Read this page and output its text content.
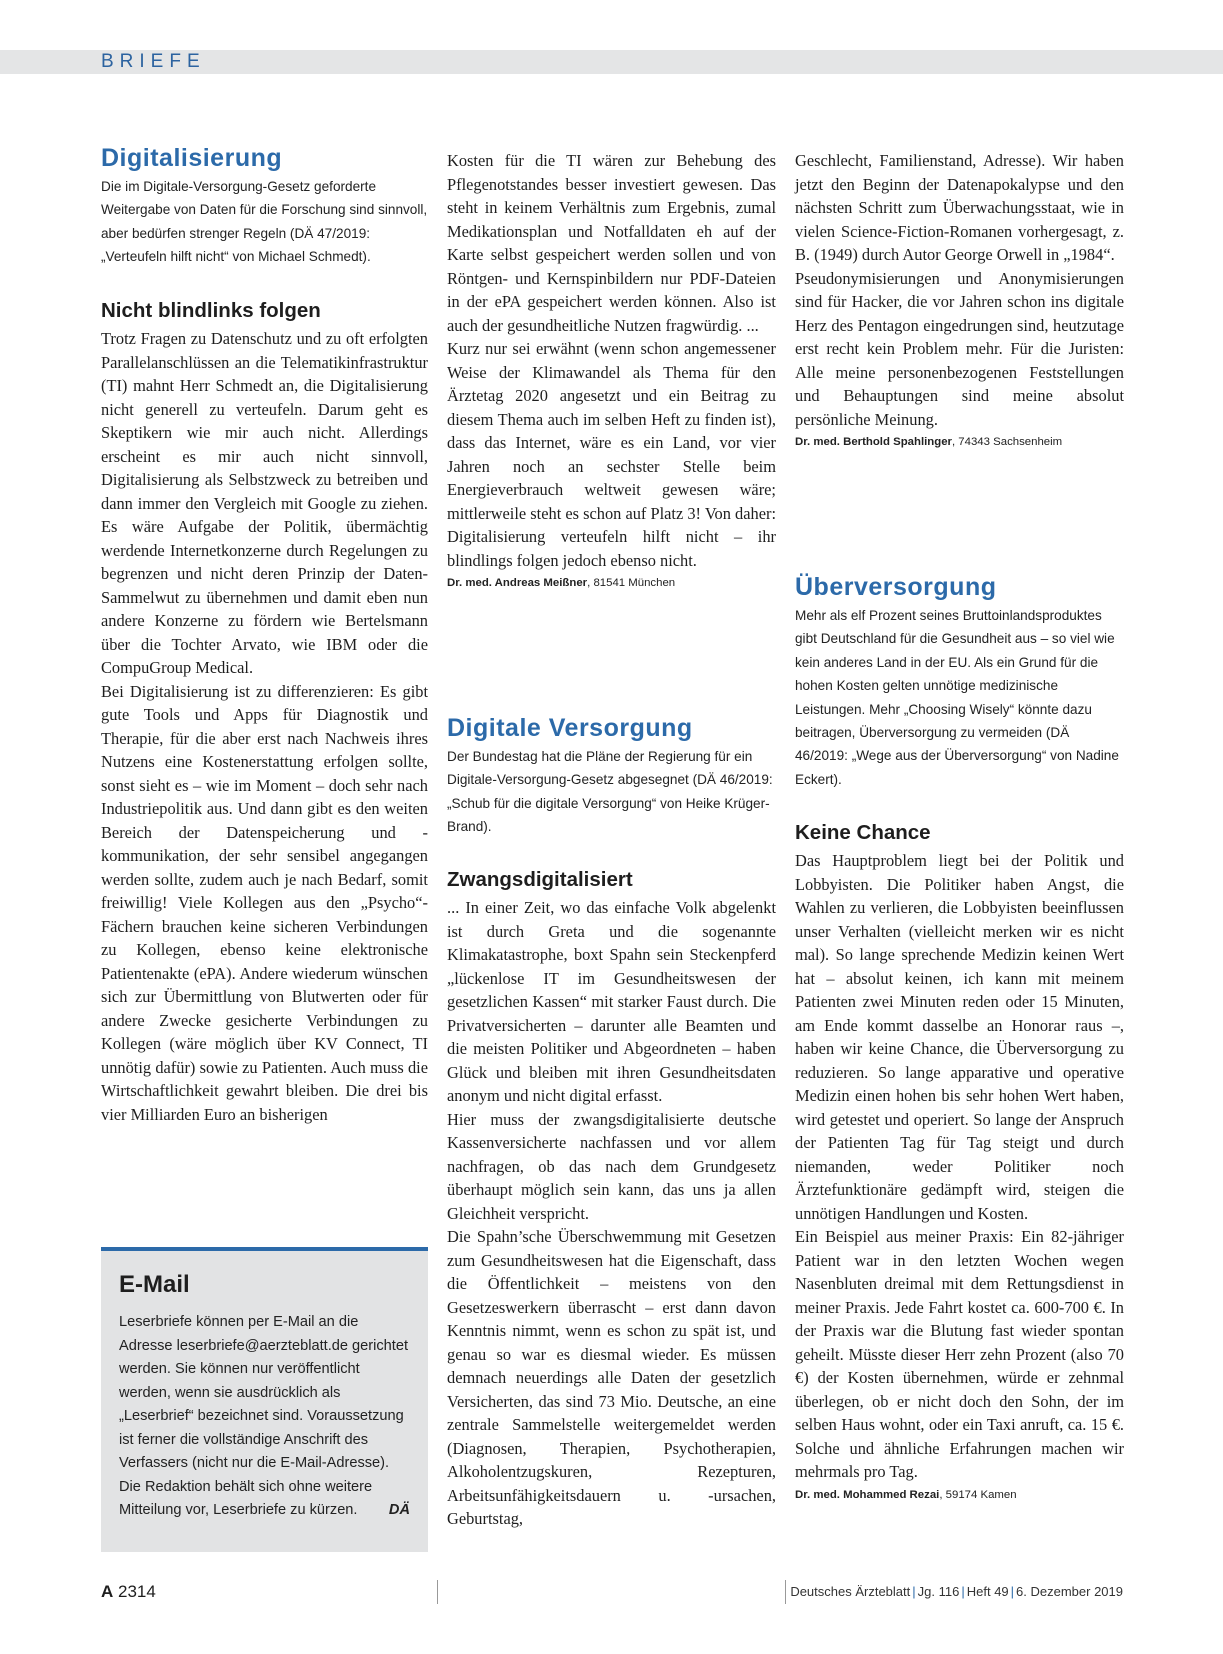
BRIEFE
Digitalisierung

Die im Digitale-Versorgung-Gesetz geforderte Weitergabe von Daten für die Forschung sind sinnvoll, aber bedürfen strenger Regeln (DÄ 47/2019: „Verteufeln hilft nicht“ von Michael Schmedt).

Nicht blindlinks folgen

Trotz Fragen zu Datenschutz und zu oft erfolgten Parallelanschlüssen an die Telematikinfrastruktur (TI) mahnt Herr Schmedt an, die Digitalisierung nicht generell zu verteufeln. Darum geht es Skeptikern wie mir auch nicht. Allerdings erscheint es mir auch nicht sinnvoll, Digitalisierung als Selbstzweck zu betreiben und dann immer den Vergleich mit Google zu ziehen. Es wäre Aufgabe der Politik, übermächtig werdende Internetkonzerne durch Regelungen zu begrenzen und nicht deren Prinzip der Daten-Sammelwut zu übernehmen und damit eben nun andere Konzerne zu fördern wie Bertelsmann über die Tochter Arvato, wie IBM oder die CompuGroup Medical.

Bei Digitalisierung ist zu differenzieren: Es gibt gute Tools und Apps für Diagnostik und Therapie, für die aber erst nach Nachweis ihres Nutzens eine Kostenerstattung erfolgen sollte, sonst sieht es – wie im Moment – doch sehr nach Industriepolitik aus. Und dann gibt es den weiten Bereich der Datenspeicherung und -kommunikation, der sehr sensibel angegangen werden sollte, zudem auch je nach Bedarf, somit freiwillig! Viele Kollegen aus den „Psycho“-Fächern brauchen keine sicheren Verbindungen zu Kollegen, ebenso keine elektronische Patientenakte (ePA). Andere wiederum wünschen sich zur Übermittlung von Blutwerten oder für andere Zwecke gesicherte Verbindungen zu Kollegen (wäre möglich über KV Connect, TI unnötig dafür) sowie zu Patienten. Auch muss die Wirtschaftlichkeit gewahrt bleiben. Die drei bis vier Milliarden Euro an bisherigen

E-Mail

Leserbriefe können per E-Mail an die Adresse leserbriefe@aerzteblatt.de gerichtet werden. Sie können nur veröffentlicht werden, wenn sie ausdrücklich als „Leserbrief“ bezeichnet sind. Voraussetzung ist ferner die vollständige Anschrift des Verfassers (nicht nur die E-Mail-Adresse). Die Redaktion behält sich ohne weitere Mitteilung vor, Leserbriefe zu kürzen. DÄ

Kosten für die TI wären zur Behebung des Pflegenotstandes besser investiert gewesen. Das steht in keinem Verhältnis zum Ergebnis, zumal Medikationsplan und Notfalldaten eh auf der Karte selbst gespeichert werden sollen und von Röntgen- und Kernspinbildern nur PDF-Dateien in der ePA gespeichert werden können. Also ist auch der gesundheitliche Nutzen fragwürdig. ...

Kurz nur sei erwähnt (wenn schon angemessener Weise der Klimawandel als Thema für den Ärztetag 2020 angesetzt und ein Beitrag zu diesem Thema auch im selben Heft zu finden ist), dass das Internet, wäre es ein Land, vor vier Jahren noch an sechster Stelle beim Energieverbrauch weltweit gewesen wäre; mittlerweile steht es schon auf Platz 3! Von daher: Digitalisierung verteufeln hilft nicht – ihr blindlings folgen jedoch ebenso nicht.

Dr. med. Andreas Meißner, 81541 München
Digitale Versorgung

Der Bundestag hat die Pläne der Regierung für ein Digitale-Versorgung-Gesetz abgesegnet (DÄ 46/2019: „Schub für die digitale Versorgung“ von Heike Krüger-Brand).

Zwangsdigitalisiert

... In einer Zeit, wo das einfache Volk abgelenkt ist durch Greta und die sogenannte Klimakatastrophe, boxt Spahn sein Steckenpferd „lückenlose IT im Gesundheitswesen der gesetzlichen Kassen“ mit starker Faust durch. Die Privatversicherten – darunter alle Beamten und die meisten Politiker und Abgeordneten – haben Glück und bleiben mit ihren Gesundheitsdaten anonym und nicht digital erfasst.

Hier muss der zwangsdigitalisierte deutsche Kassenversicherte nachfassen und vor allem nachfragen, ob das nach dem Grundgesetz überhaupt möglich sein kann, das uns ja allen Gleichheit verspricht.

Die Spahn’sche Überschwemmung mit Gesetzen zum Gesundheitswesen hat die Eigenschaft, dass die Öffentlichkeit – meistens von den Gesetzeswerkern überrascht – erst dann davon Kenntnis nimmt, wenn es schon zu spät ist, und genau so war es diesmal wieder. Es müssen demnach neuerdings alle Daten der gesetzlich Versicherten, das sind 73 Mio. Deutsche, an eine zentrale Sammelstelle weitergemeldet werden (Diagnosen, Therapien, Psychotherapien, Alkoholentzugskuren, Rezepturen, Arbeitsunfähigkeitsdauern u. -ursachen, Geburtstag,

Geschlecht, Familienstand, Adresse). Wir haben jetzt den Beginn der Datenapokalypse und den nächsten Schritt zum Überwachungsstaat, wie in vielen Science-Fiction-Romanen vorhergesagt, z. B. (1949) durch Autor George Orwell in „1984“.

Pseudonymisierungen und Anonymisierungen sind für Hacker, die vor Jahren schon ins digitale Herz des Pentagon eingedrungen sind, heutzutage erst recht kein Problem mehr. Für die Juristen: Alle meine personenbezogenen Feststellungen und Behauptungen sind meine absolut persönliche Meinung.

Dr. med. Berthold Spahlinger, 74343 Sachsenheim
Überversorgung

Mehr als elf Prozent seines Bruttoinlandsproduktes gibt Deutschland für die Gesundheit aus – so viel wie kein anderes Land in der EU. Als ein Grund für die hohen Kosten gelten unnötige medizinische Leistungen. Mehr „Choosing Wisely“ könnte dazu beitragen, Überversorgung zu vermeiden (DÄ 46/2019: „Wege aus der Überversorgung“ von Nadine Eckert).

Keine Chance

Das Hauptproblem liegt bei der Politik und Lobbyisten. Die Politiker haben Angst, die Wahlen zu verlieren, die Lobbyisten beeinflussen unser Verhalten (vielleicht merken wir es nicht mal). So lange sprechende Medizin keinen Wert hat – absolut keinen, ich kann mit meinem Patienten zwei Minuten reden oder 15 Minuten, am Ende kommt dasselbe an Honorar raus –, haben wir keine Chance, die Überversorgung zu reduzieren. So lange apparative und operative Medizin einen hohen bis sehr hohen Wert haben, wird getestet und operiert. So lange der Anspruch der Patienten Tag für Tag steigt und durch niemanden, weder Politiker noch Ärztefunktionäre gedämpft wird, steigen die unnötigen Handlungen und Kosten.

Ein Beispiel aus meiner Praxis: Ein 82-jähriger Patient war in den letzten Wochen wegen Nasenbluten dreimal mit dem Rettungsdienst in meiner Praxis. Jede Fahrt kostet ca. 600-700 €. In der Praxis war die Blutung fast wieder spontan geheilt. Müsste dieser Herr zehn Prozent (also 70 €) der Kosten übernehmen, würde er zehnmal überlegen, ob er nicht doch den Sohn, der im selben Haus wohnt, oder ein Taxi anruft, ca. 15 €. Solche und ähnliche Erfahrungen machen wir mehrmals pro Tag.

Dr. med. Mohammed Rezai, 59174 Kamen
A 2314	Deutsches Ärzteblatt | Jg. 116 | Heft 49 | 6. Dezember 2019
